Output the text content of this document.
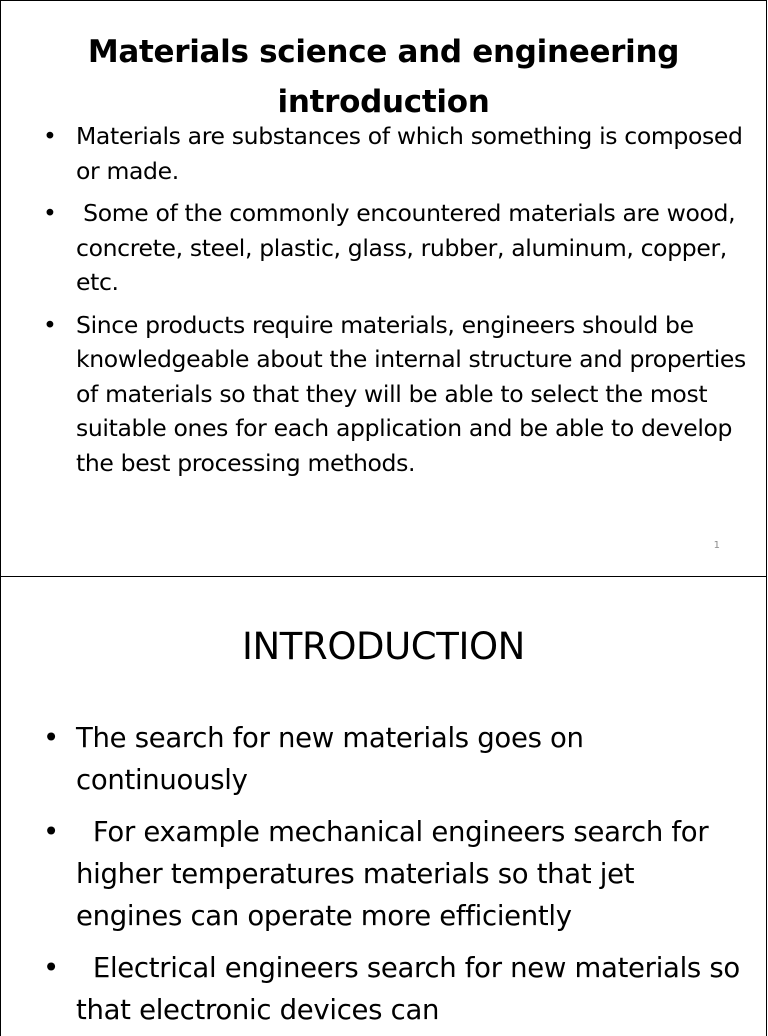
Materials science and engineering introduction
• Materials are substances of which something is composed or made.
• Some of the commonly encountered materials are wood, concrete, steel, plastic, glass, rubber, aluminum, copper, etc.
• Since products require materials, engineers should be knowledgeable about the internal structure and properties of materials so that they will be able to select the most suitable ones for each application and be able to develop the best processing methods.
1
INTRODUCTION
• The search for new materials goes on continuously
• For example mechanical engineers search for higher temperatures materials so that jet engines can operate more efficiently
• Electrical engineers search for new materials so that electronic devices can
